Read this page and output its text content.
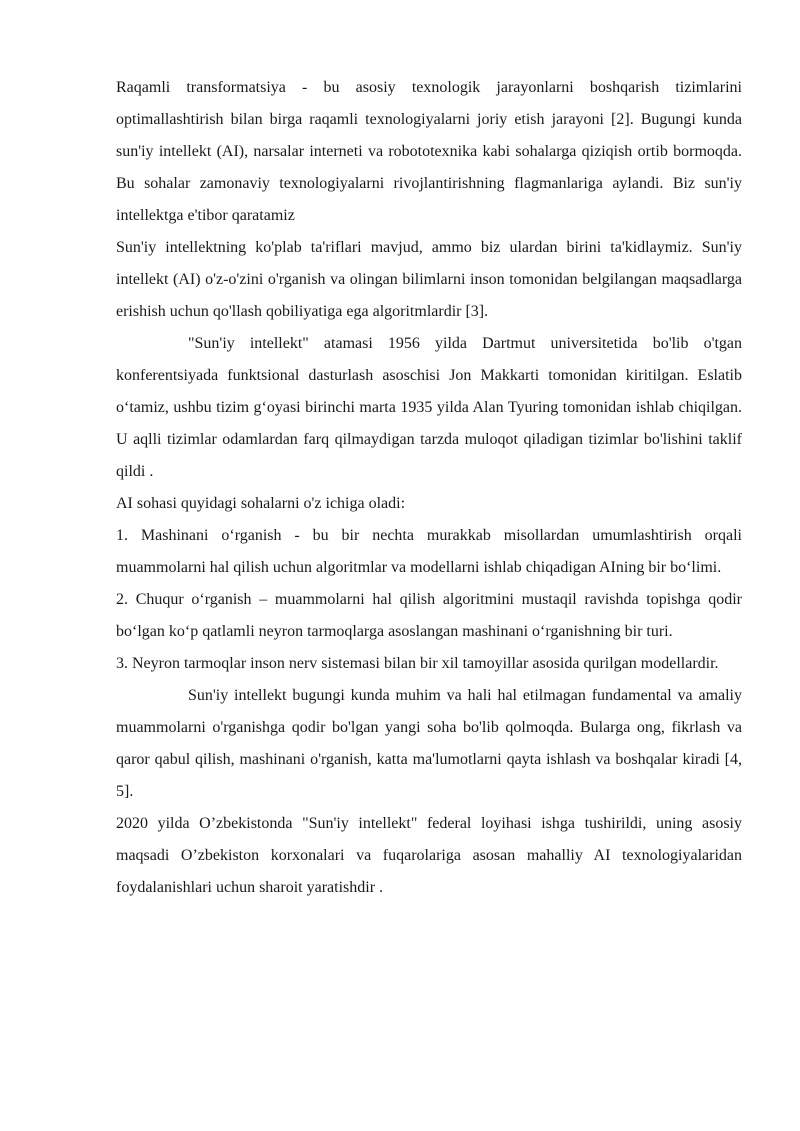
Raqamli transformatsiya - bu asosiy texnologik jarayonlarni boshqarish tizimlarini optimallashtirish bilan birga raqamli texnologiyalarni joriy etish jarayoni [2]. Bugungi kunda sun'iy intellekt (AI), narsalar interneti va robototexnika kabi sohalarga qiziqish ortib bormoqda. Bu sohalar zamonaviy texnologiyalarni rivojlantirishning flagmanlariga aylandi. Biz sun'iy intellektga e'tibor qaratamiz

Sun'iy intellektning ko'plab ta'riflari mavjud, ammo biz ulardan birini ta'kidlaymiz. Sun'iy intellekt (AI) o'z-o'zini o'rganish va olingan bilimlarni inson tomonidan belgilangan maqsadlarga erishish uchun qo'llash qobiliyatiga ega algoritmlardir [3].

"Sun'iy intellekt" atamasi 1956 yilda Dartmut universitetida bo'lib o'tgan konferentsiyada funktsional dasturlash asoschisi Jon Makkarti tomonidan kiritilgan. Eslatib o‘tamiz, ushbu tizim g‘oyasi birinchi marta 1935 yilda Alan Tyuring tomonidan ishlab chiqilgan. U aqlli tizimlar odamlardan farq qilmaydigan tarzda muloqot qiladigan tizimlar bo'lishini taklif qildi .

AI sohasi quyidagi sohalarni o'z ichiga oladi:

1. Mashinani o‘rganish - bu bir nechta murakkab misollardan umumlashtirish orqali muammolarni hal qilish uchun algoritmlar va modellarni ishlab chiqadigan AIning bir bo‘limi.

2. Chuqur o‘rganish – muammolarni hal qilish algoritmini mustaqil ravishda topishga qodir bo‘lgan ko‘p qatlamli neyron tarmoqlarga asoslangan mashinani o‘rganishning bir turi.

3. Neyron tarmoqlar inson nerv sistemasi bilan bir xil tamoyillar asosida qurilgan modellardir.

Sun'iy intellekt bugungi kunda muhim va hali hal etilmagan fundamental va amaliy muammolarni o'rganishga qodir bo'lgan yangi soha bo'lib qolmoqda. Bularga ong, fikrlash va qaror qabul qilish, mashinani o'rganish, katta ma'lumotlarni qayta ishlash va boshqalar kiradi [4, 5].

2020 yilda O’zbekistonda "Sun'iy intellekt" federal loyihasi ishga tushirildi, uning asosiy maqsadi O’zbekiston korxonalari va fuqarolariga asosan mahalliy AI texnologiyalaridan foydalanishlari uchun sharoit yaratishdir .
